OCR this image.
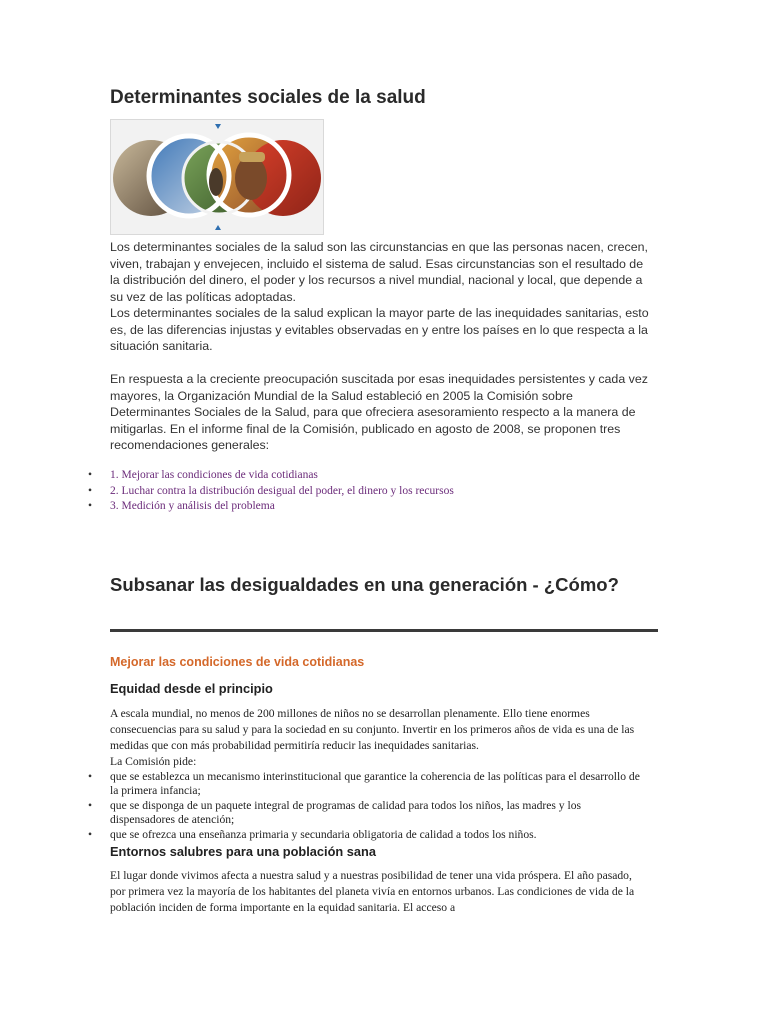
Determinantes sociales de la salud

Los determinantes sociales de la salud son las circunstancias en que las personas nacen, crecen, viven, trabajan y envejecen, incluido el sistema de salud. Esas circunstancias son el resultado de la distribución del dinero, el poder y los recursos a nivel mundial, nacional y local, que depende a su vez de las políticas adoptadas.

Los determinantes sociales de la salud explican la mayor parte de las inequidades sanitarias, esto es, de las diferencias injustas y evitables observadas en y entre los países en lo que respecta a la situación sanitaria.

En respuesta a la creciente preocupación suscitada por esas inequidades persistentes y cada vez mayores, la Organización Mundial de la Salud estableció en 2005 la Comisión sobre Determinantes Sociales de la Salud, para que ofreciera asesoramiento respecto a la manera de mitigarlas. En el informe final de la Comisión, publicado en agosto de 2008, se proponen tres recomendaciones generales:

• 1. Mejorar las condiciones de vida cotidianas
• 2. Luchar contra la distribución desigual del poder, el dinero y los recursos
• 3. Medición y análisis del problema
Subsanar las desigualdades en una generación - ¿Cómo?
Mejorar las condiciones de vida cotidianas
Equidad desde el principio

A escala mundial, no menos de 200 millones de niños no se desarrollan plenamente. Ello tiene enormes consecuencias para su salud y para la sociedad en su conjunto. Invertir en los primeros años de vida es una de las medidas que con más probabilidad permitiría reducir las inequidades sanitarias.

La Comisión pide:

• que se establezca un mecanismo interinstitucional que garantice la coherencia de las políticas para el desarrollo de la primera infancia;
• que se disponga de un paquete integral de programas de calidad para todos los niños, las madres y los dispensadores de atención;
• que se ofrezca una enseñanza primaria y secundaria obligatoria de calidad a todos los niños.
Entornos salubres para una población sana

El lugar donde vivimos afecta a nuestra salud y a nuestras posibilidad de tener una vida próspera. El año pasado, por primera vez la mayoría de los habitantes del planeta vivía en entornos urbanos. Las condiciones de vida de la población inciden de forma importante en la equidad sanitaria. El acceso a
